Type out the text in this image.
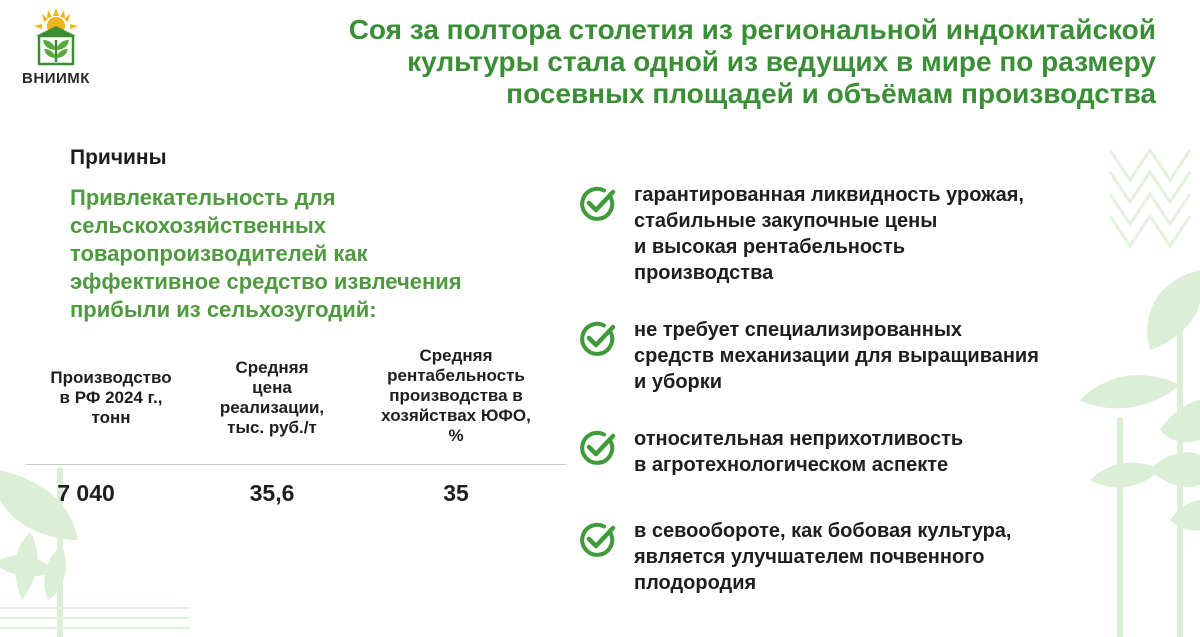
ВНИИМК
Соя за полтора столетия из региональной индокитайской
культуры стала одной из ведущих в мире по размеру
посевных площадей и объёмам производства
Причины
Привлекательность для
сельскохозяйственных
товаропроизводителей как
эффективное средство извлечения
прибыли из сельхозугодий:
Производство
в РФ 2024 г.,
тонн
Средняя
цена
реализации,
тыс. руб./т
Средняя
рентабельность
производства в
хозяйствах ЮФО,
%
7 040	35,6	35
гарантированная ликвидность урожая,
стабильные закупочные цены
и высокая рентабельность
производства
не требует специализированных
средств механизации для выращивания
и уборки
относительная неприхотливость
в агротехнологическом аспекте
в севообороте, как бобовая культура,
является улучшателем почвенного
плодородия
